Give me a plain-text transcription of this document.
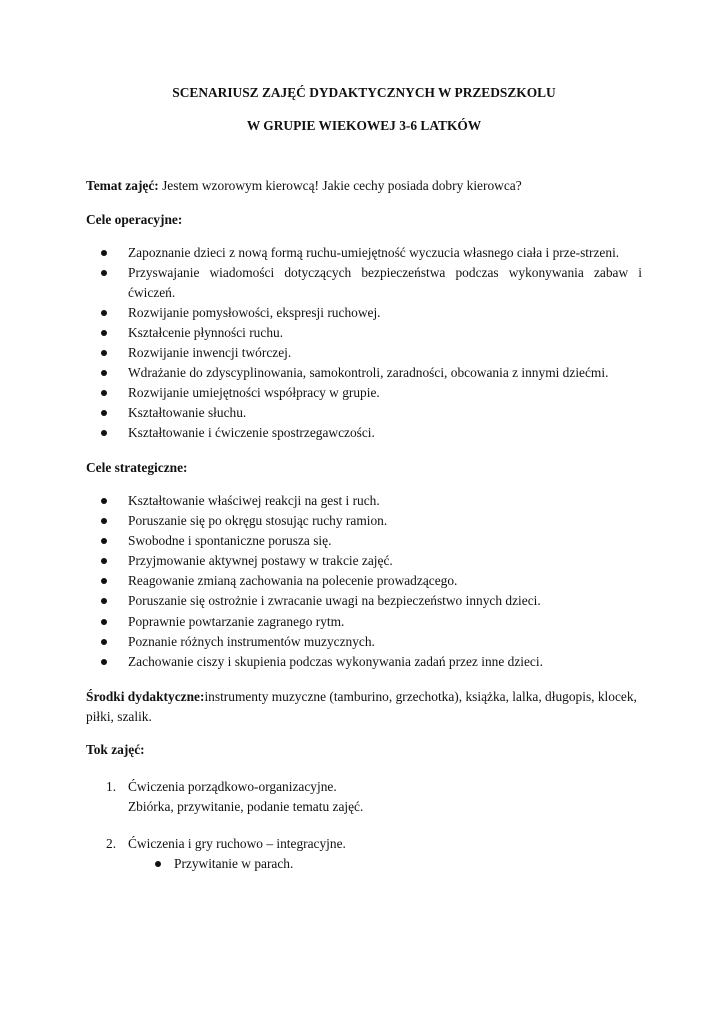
SCENARIUSZ ZAJĘĆ DYDAKTYCZNYCH W PRZEDSZKOLU

W GRUPIE WIEKOWEJ 3-6 LATKÓW

Temat zajęć: Jestem wzorowym kierowcą! Jakie cechy posiada dobry kierowca?

Cele operacyjne:

Zapoznanie dzieci z nową formą ruchu-umiejętność wyczucia własnego ciała i prze-strzeni.
Przyswajanie wiadomości dotyczących bezpieczeństwa podczas wykonywania zabaw i ćwiczeń.
Rozwijanie pomysłowości, ekspresji ruchowej.
Kształcenie płynności ruchu.
Rozwijanie inwencji twórczej.
Wdrażanie do zdyscyplinowania, samokontroli, zaradności, obcowania z innymi dziećmi.
Rozwijanie umiejętności współpracy w grupie.
Kształtowanie słuchu.
Kształtowanie i ćwiczenie spostrzegawczości.

Cele strategiczne:

Kształtowanie właściwej reakcji na gest i ruch.
Poruszanie się po okręgu stosując ruchy ramion.
Swobodne i spontaniczne porusza się.
Przyjmowanie aktywnej postawy w trakcie zajęć.
Reagowanie zmianą zachowania na polecenie prowadzącego.
Poruszanie się ostrożnie i zwracanie uwagi na bezpieczeństwo innych dzieci.
Poprawnie powtarzanie zagranego rytm.
Poznanie różnych instrumentów muzycznych.
Zachowanie ciszy i skupienia podczas wykonywania zadań przez inne dzieci.

Środki dydaktyczne:instrumenty muzyczne (tamburino, grzechotka), książka, lalka, długopis, klocek, piłki, szalik.

Tok zajęć:

1. Ćwiczenia porządkowo-organizacyjne.
Zbiórka, przywitanie, podanie tematu zajęć.
2. Ćwiczenia i gry ruchowo – integracyjne.
Przywitanie w parach.
